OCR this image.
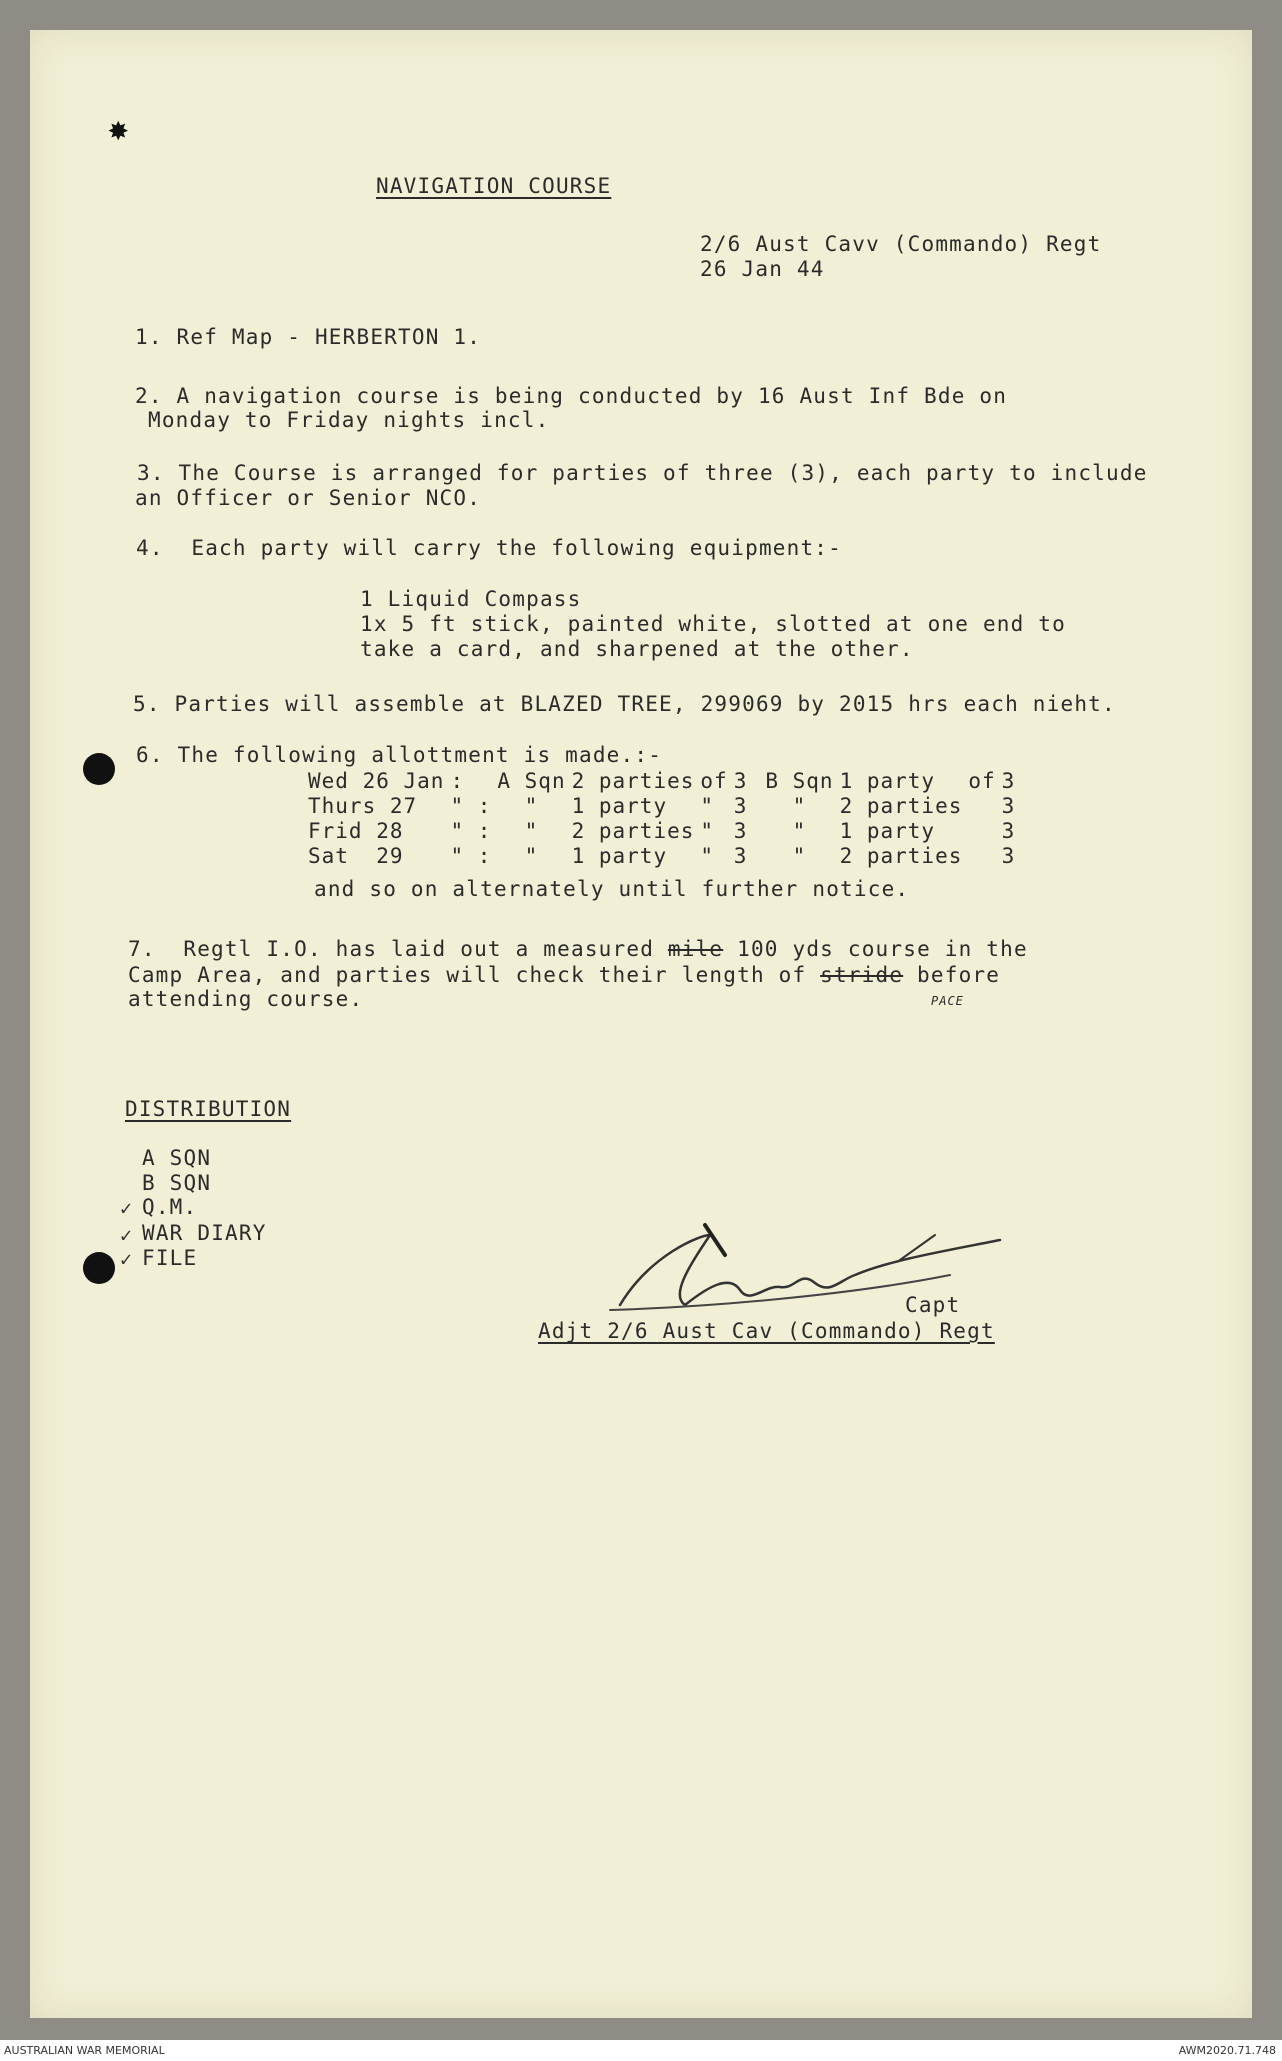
✸
NAVIGATION COURSE
2/6 Aust Cavv (Commando) Regt
26 Jan 44
1. Ref Map - HERBERTON 1.
2. A navigation course is being conducted by 16 Aust Inf Bde on
Monday to Friday nights incl.
3. The Course is arranged for parties of three (3), each party to include
an Officer or Senior NCO.
4.  Each party will carry the following equipment:-
1 Liquid Compass
1x 5 ft stick, painted white, slotted at one end to
take a card, and sharpened at the other.
5. Parties will assemble at BLAZED TREE, 299069 by 2015 hrs each nieht.
6. The following allottment is made.:-
Wed 26 Jan	:	A Sqn	2 parties	of	3	B Sqn	1 party	of	3
Thurs 27	" :	"	1 party	"	3	"	2 parties		3
Frid 28	" :	"	2 parties	"	3	"	1 party		3
Sat  29	" :	"	1 party	"	3	"	2 parties		3
and so on alternately until further notice.
7.  Regtl I.O. has laid out a measured mile 100 yds course in the
Camp Area, and parties will check their length of stride before
PACE
attending course.
DISTRIBUTION
A SQN
B SQN
Q.M.
WAR DIARY
FILE
✓
✓
✓
Capt
Adjt 2/6 Aust Cav (Commando) Regt
AUSTRALIAN WAR MEMORIAL	AWM2020.71.748
